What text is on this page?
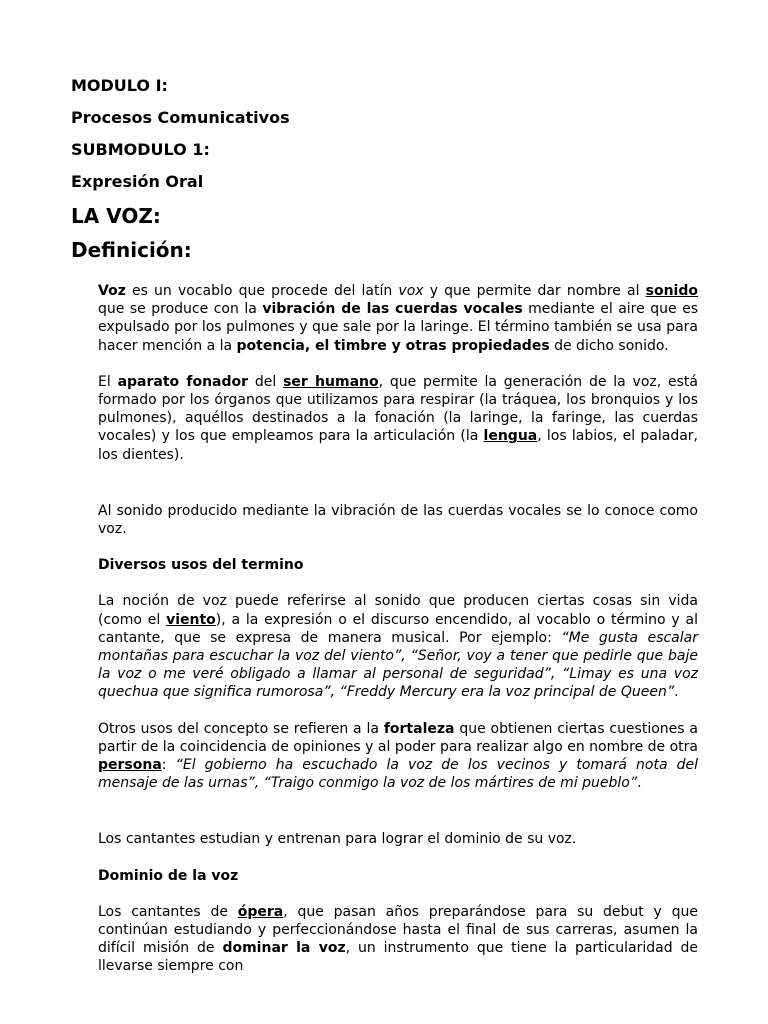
MODULO I:
Procesos Comunicativos
SUBMODULO 1:
Expresión Oral
LA VOZ:
Definición:

Voz es un vocablo que procede del latín vox y que permite dar nombre al sonido que se produce con la vibración de las cuerdas vocales mediante el aire que es expulsado por los pulmones y que sale por la laringe. El término también se usa para hacer mención a la potencia, el timbre y otras propiedades de dicho sonido.

El aparato fonador del ser humano, que permite la generación de la voz, está formado por los órganos que utilizamos para respirar (la tráquea, los bronquios y los pulmones), aquéllos destinados a la fonación (la laringe, la faringe, las cuerdas vocales) y los que empleamos para la articulación (la lengua, los labios, el paladar, los dientes).

Al sonido producido mediante la vibración de las cuerdas vocales se lo conoce como voz.

Diversos usos del termino

La noción de voz puede referirse al sonido que producen ciertas cosas sin vida (como el viento), a la expresión o el discurso encendido, al vocablo o término y al cantante, que se expresa de manera musical. Por ejemplo: “Me gusta escalar montañas para escuchar la voz del viento”, “Señor, voy a tener que pedirle que baje la voz o me veré obligado a llamar al personal de seguridad”, “Limay es una voz quechua que significa rumorosa”, “Freddy Mercury era la voz principal de Queen”.

Otros usos del concepto se refieren a la fortaleza que obtienen ciertas cuestiones a partir de la coincidencia de opiniones y al poder para realizar algo en nombre de otra persona: “El gobierno ha escuchado la voz de los vecinos y tomará nota del mensaje de las urnas”, “Traigo conmigo la voz de los mártires de mi pueblo”.

Los cantantes estudian y entrenan para lograr el dominio de su voz.

Dominio de la voz

Los cantantes de ópera, que pasan años preparándose para su debut y que continúan estudiando y perfeccionándose hasta el final de sus carreras, asumen la difícil misión de dominar la voz, un instrumento que tiene la particularidad de llevarse siempre con
